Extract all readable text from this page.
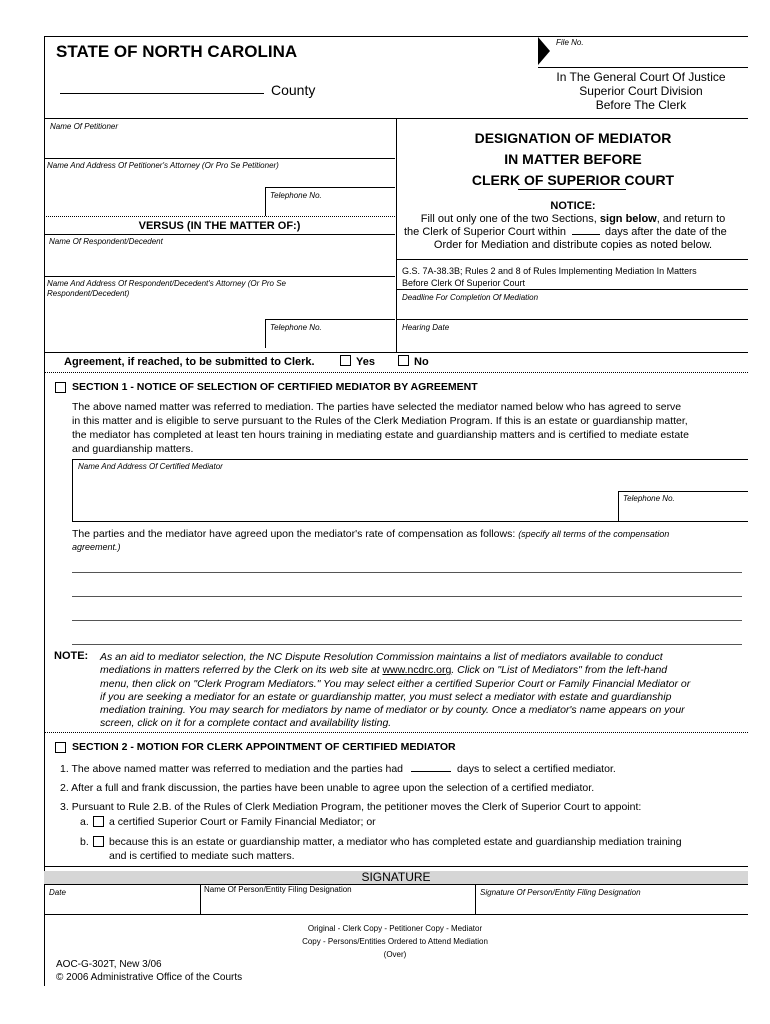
STATE OF NORTH CAROLINA
County
File No.
In The General Court Of Justice
Superior Court Division
Before The Clerk
Name Of Petitioner
Name And Address Of Petitioner's Attorney (Or Pro Se Petitioner)
Telephone No.
VERSUS (IN THE MATTER OF:)
Name Of Respondent/Decedent
Name And Address Of Respondent/Decedent's Attorney (Or Pro Se
Respondent/Decedent)
Telephone No.
DESIGNATION OF MEDIATOR
IN MATTER BEFORE
CLERK OF SUPERIOR COURT
NOTICE:
Fill out only one of the two Sections, sign below, and return to
the Clerk of Superior Court within	days after the date of the
Order for Mediation and distribute copies as noted below.
G.S. 7A-38.3B; Rules 2 and 8 of Rules Implementing Mediation In Matters
Before Clerk Of Superior Court
Deadline For Completion Of Mediation
Hearing Date
Agreement, if reached, to be submitted to Clerk.	Yes	No
SECTION 1 - NOTICE OF SELECTION OF CERTIFIED MEDIATOR BY AGREEMENT
The above named matter was referred to mediation. The parties have selected the mediator named below who has agreed to serve
in this matter and is eligible to serve pursuant to the Rules of the Clerk Mediation Program. If this is an estate or guardianship matter,
the mediator has completed at least ten hours training in mediating estate and guardianship matters and is certified to mediate estate
and guardianship matters.
Name And Address Of Certified Mediator
Telephone No.
The parties and the mediator have agreed upon the mediator's rate of compensation as follows: (specify all terms of the compensation
agreement.)
NOTE: As an aid to mediator selection, the NC Dispute Resolution Commission maintains a list of mediators available to conduct
mediations in matters referred by the Clerk on its web site at www.ncdrc.org. Click on "List of Mediators" from the left-hand
menu, then click on "Clerk Program Mediators." You may select either a certified Superior Court or Family Financial Mediator or
if you are seeking a mediator for an estate or guardianship matter, you must select a mediator with estate and guardianship
mediation training. You may search for mediators by name of mediator or by county. Once a mediator's name appears on your
screen, click on it for a complete contact and availability listing.
SECTION 2 - MOTION FOR CLERK APPOINTMENT OF CERTIFIED MEDIATOR
1. The above named matter was referred to mediation and the parties had	days to select a certified mediator.
2. After a full and frank discussion, the parties have been unable to agree upon the selection of a certified mediator.
3. Pursuant to Rule 2.B. of the Rules of Clerk Mediation Program, the petitioner moves the Clerk of Superior Court to appoint:
a. a certified Superior Court or Family Financial Mediator; or
b. because this is an estate or guardianship matter, a mediator who has completed estate and guardianship mediation training
and is certified to mediate such matters.
SIGNATURE
Date	Name Of Person/Entity Filing Designation	Signature Of Person/Entity Filing Designation
Original - Clerk Copy - Petitioner Copy - Mediator
Copy - Persons/Entities Ordered to Attend Mediation
(Over)
AOC-G-302T, New 3/06
© 2006 Administrative Office of the Courts
